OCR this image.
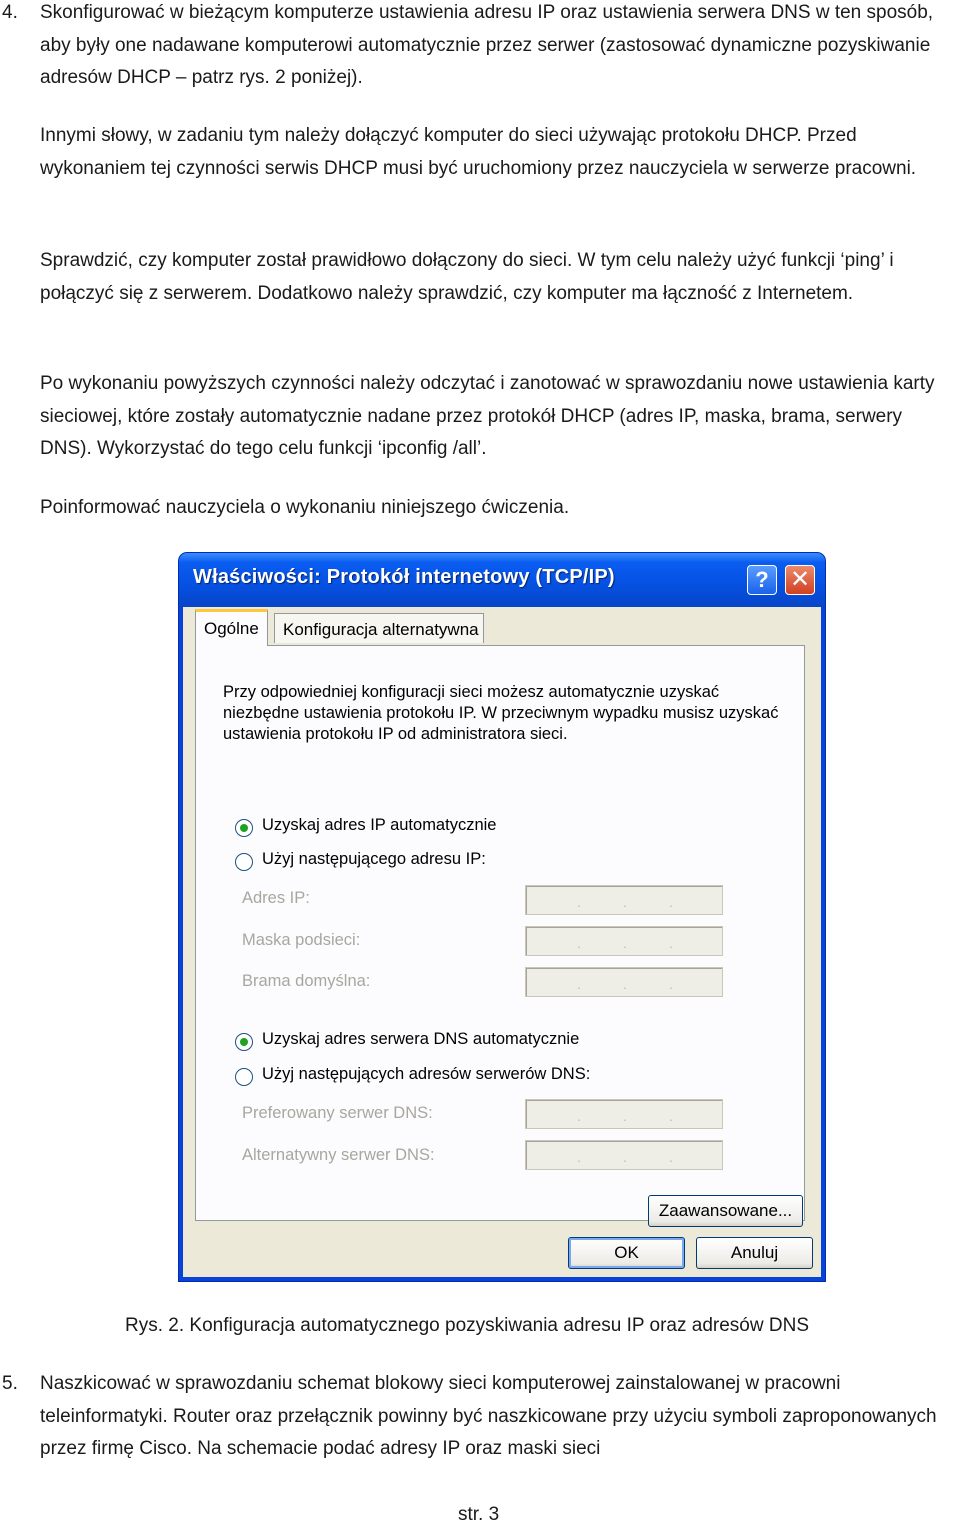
4. Skonfigurować w bieżącym komputerze ustawienia adresu IP oraz ustawienia serwera DNS w ten sposób, aby były one nadawane komputerowi automatycznie przez serwer (zastosować dynamiczne pozyskiwanie adresów DHCP – patrz rys. 2 poniżej).

Innymi słowy, w zadaniu tym należy dołączyć komputer do sieci używając protokołu DHCP. Przed wykonaniem tej czynności serwis DHCP musi być uruchomiony przez nauczyciela w serwerze pracowni.

Sprawdzić, czy komputer został prawidłowo dołączony do sieci. W tym celu należy użyć funkcji ‘ping’ i połączyć się z serwerem. Dodatkowo należy sprawdzić, czy komputer ma łączność z Internetem.

Po wykonaniu powyższych czynności należy odczytać i zanotować w sprawozdaniu nowe ustawienia karty sieciowej, które zostały automatycznie nadane przez protokół DHCP (adres IP, maska, brama, serwery DNS). Wykorzystać do tego celu funkcji ‘ipconfig /all’.

Poinformować nauczyciela o wykonaniu niniejszego ćwiczenia.

Właściwości: Protokół internetowy (TCP/IP)	? ✕
Ogólne	Konfiguracja alternatywna
Przy odpowiedniej konfiguracji sieci możesz automatycznie uzyskać niezbędne ustawienia protokołu IP. W przeciwnym wypadku musisz uzyskać ustawienia protokołu IP od administratora sieci.
Uzyskaj adres IP automatycznie
Użyj następującego adresu IP:
Adres IP:	.	.	.
Maska podsieci:	.	.	.
Brama domyślna:	.	.	.
Uzyskaj adres serwera DNS automatycznie
Użyj następujących adresów serwerów DNS:
Preferowany serwer DNS:	.	.	.
Alternatywny serwer DNS:	.	.	.
Zaawansowane...
OK	Anuluj
Rys. 2. Konfiguracja automatycznego pozyskiwania adresu IP oraz adresów DNS
5. Naszkicować w sprawozdaniu schemat blokowy sieci komputerowej zainstalowanej w pracowni teleinformatyki. Router oraz przełącznik powinny być naszkicowane przy użyciu symboli zaproponowanych przez firmę Cisco. Na schemacie podać adresy IP oraz maski sieci
str. 3
